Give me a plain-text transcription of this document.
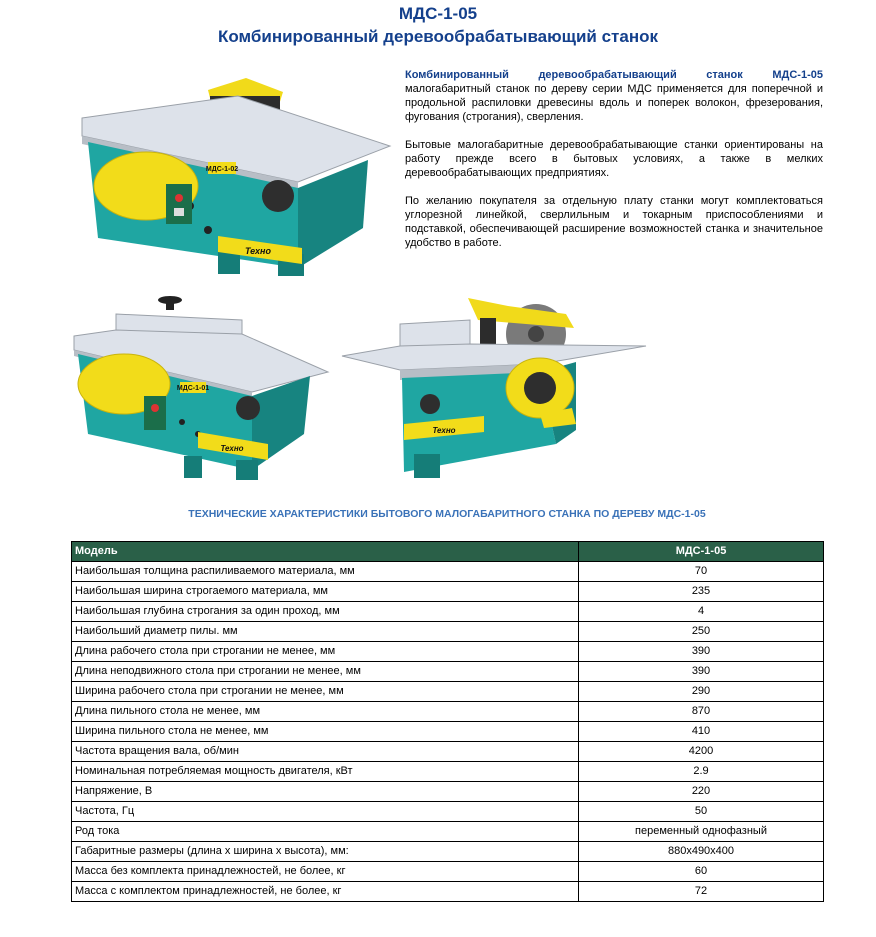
МДС-1-05
Комбинированный деревообрабатывающий станок
МДС-1-02
Техно
МДС-1-01
Техно
Техно

Комбинированный деревообрабатывающий станок МДС-1-05 малогабаритный станок по дереву серии МДС применяется для поперечной и продольной распиловки древесины вдоль и поперек волокон, фрезерования, фугования (строгания), сверления.

Бытовые малогабаритные деревообрабатывающие станки ориентированы на работу прежде всего в бытовых условиях, а также в мелких деревообрабатывающих предприятиях.

По желанию покупателя за отдельную плату станки могут комплектоваться углорезной линейкой, сверлильным и токарным приспособлениями и подставкой, обеспечивающей расширение возможностей станка и значительное удобство в работе.

ТЕХНИЧЕСКИЕ ХАРАКТЕРИСТИКИ БЫТОВОГО МАЛОГАБАРИТНОГО СТАНКА ПО ДЕРЕВУ МДС-1-05
Модель	МДС-1-05
Наибольшая толщина распиливаемого материала, мм	70
Наибольшая ширина строгаемого материала, мм	235
Наибольшая глубина строгания за один проход, мм	4
Наибольший диаметр пилы. мм	250
Длина рабочего стола при строгании не менее, мм	390
Длина неподвижного стола при строгании не менее, мм	390
Ширина рабочего стола при строгании не менее, мм	290
Длина пильного стола не менее, мм	870
Ширина пильного стола не менее, мм	410
Частота вращения вала, об/мин	4200
Номинальная потребляемая мощность двигателя, кВт	2.9
Напряжение, В	220
Частота, Гц	50
Род тока	переменный однофазный
Габаритные размеры (длина х ширина х высота), мм:	880х490х400
Масса без комплекта принадлежностей, не более, кг	60
Масса с комплектом принадлежностей, не более, кг	72
